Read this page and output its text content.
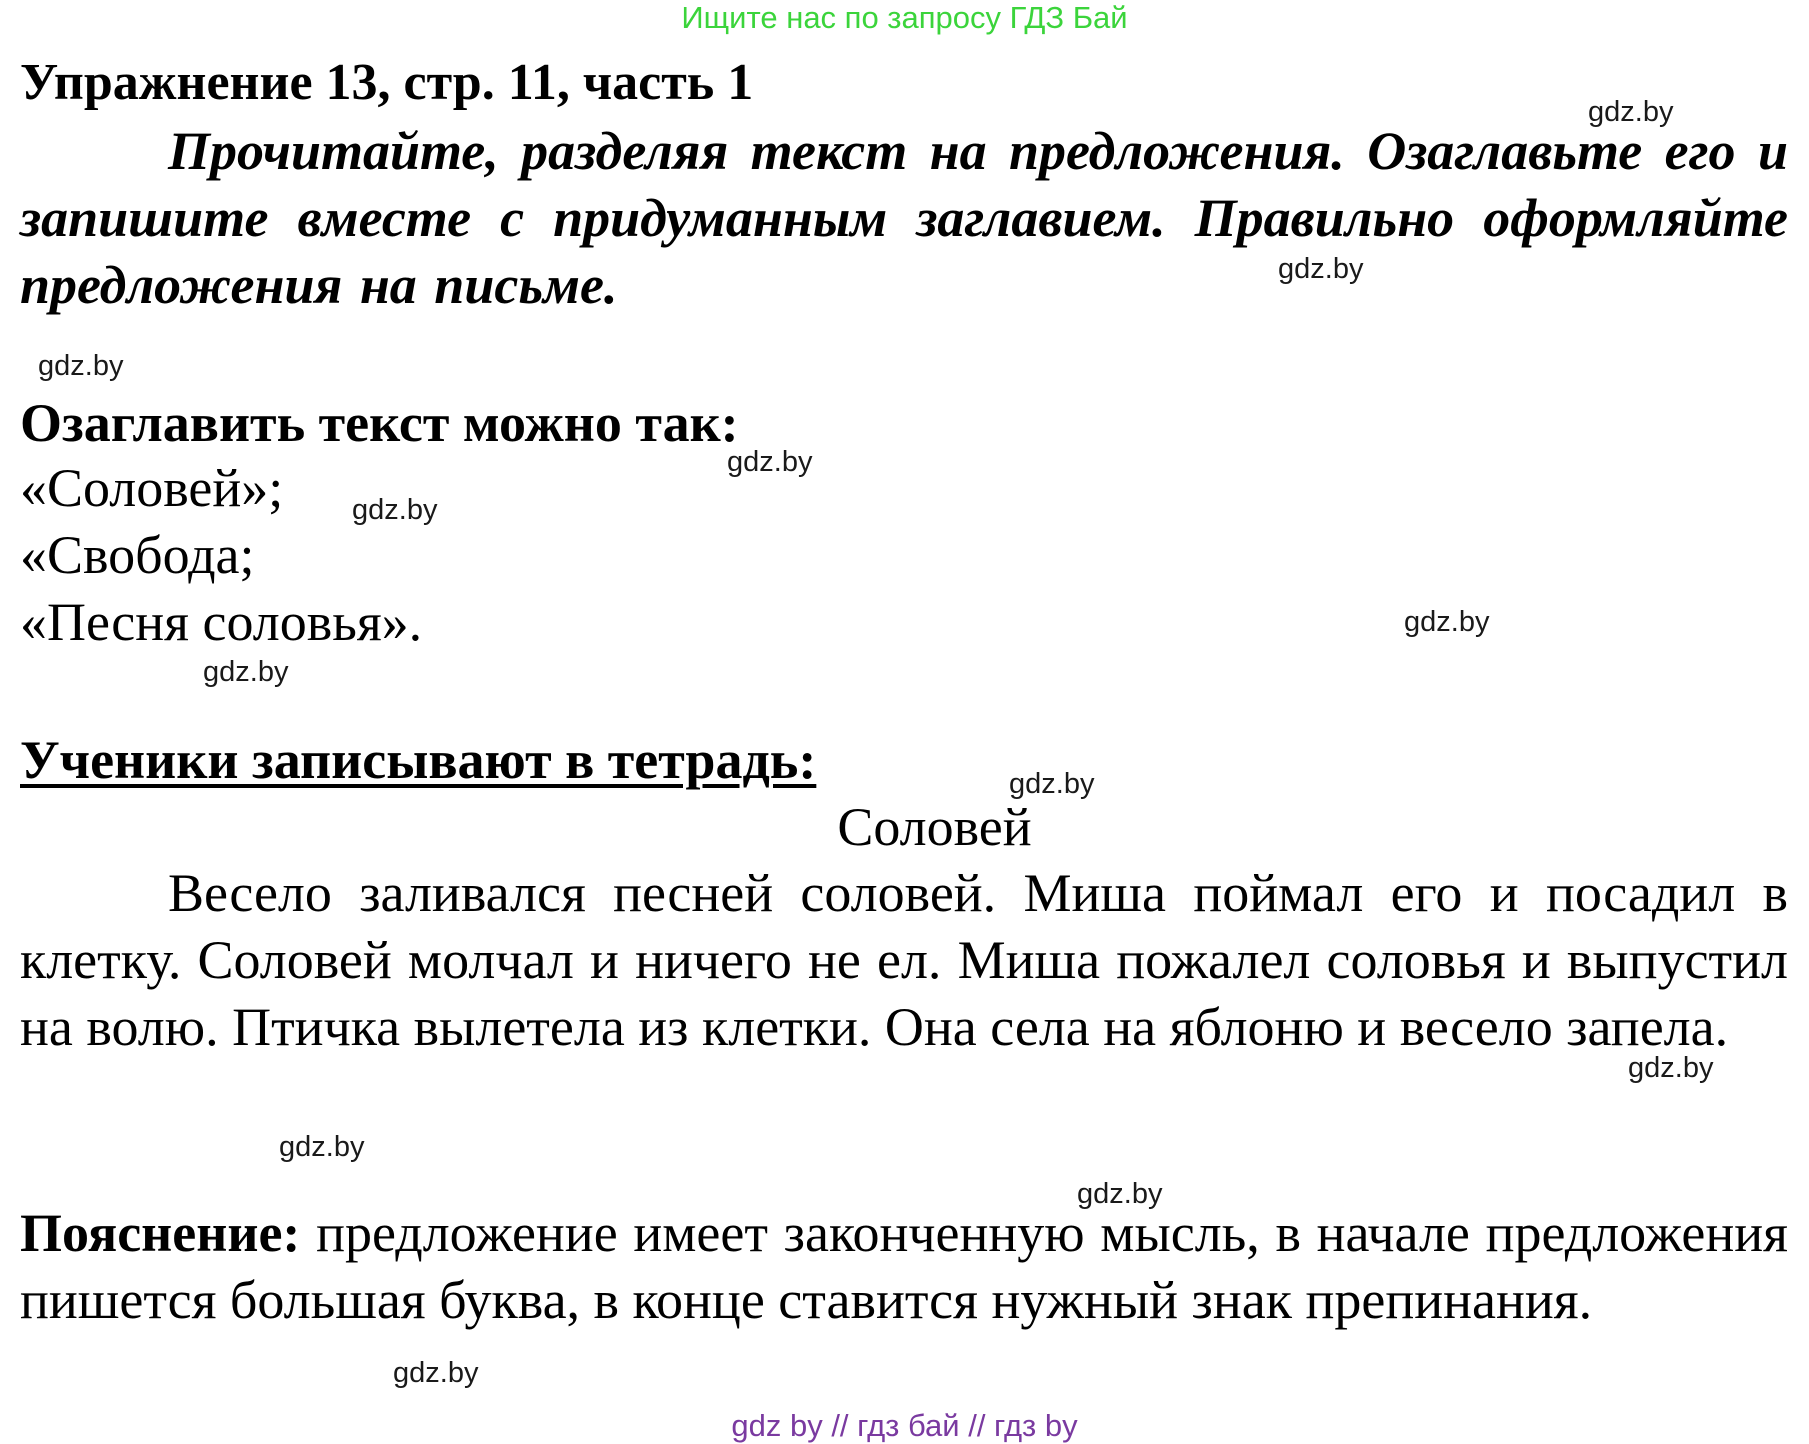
Ищите нас по запросу ГДЗ Бай
Упражнение 13, стр. 11, часть 1
Прочитайте, разделяя текст на предложения. Озаглавьте его и запишите вместе с придуманным заглавием. Правильно оформляйте предложения на письме.
Озаглавить текст можно так:
«Соловей»;
«Свобода;
«Песня соловья».
Ученики записывают в тетрадь:
Соловей
Весело заливался песней соловей. Миша поймал его и посадил в клетку. Соловей молчал и ничего не ел. Миша пожалел соловья и выпустил на волю. Птичка вылетела из клетки. Она села на яблоню и весело запела.
Пояснение: предложение имеет законченную мысль, в начале предложения пишется большая буква, в конце ставится нужный знак препинания.
gdz.by
gdz.by
gdz.by
gdz.by
gdz.by
gdz.by
gdz.by
gdz.by
gdz.by
gdz.by
gdz.by
gdz.by
gdz by // гдз бай // гдз by
